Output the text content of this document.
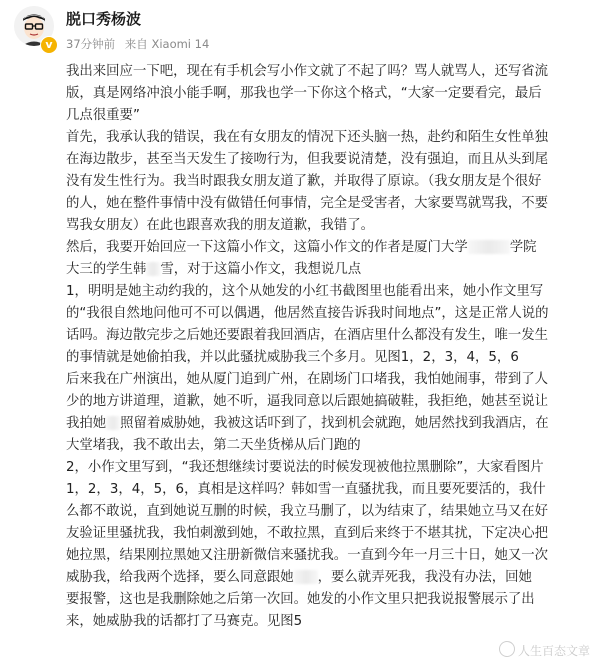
v
脱口秀杨波
37分钟前 来自 Xiaomi 14
我出来回应一下吧，现在有手机会写小作文就了不起了吗？骂人就骂人，还写省流
版，真是网络冲浪小能手啊，那我也学一下你这个格式，“大家一定要看完，最后
几点很重要”
首先，我承认我的错误，我在有女朋友的情况下还头脑一热，赴约和陌生女性单独
在海边散步，甚至当天发生了接吻行为，但我要说清楚，没有强迫，而且从头到尾
没有发生性行为。我当时跟我女朋友道了歉，并取得了原谅。（我女朋友是个很好
的人，她在整件事情中没有做错任何事情，完全是受害者，大家要骂就骂我，不要
骂我女朋友）在此也跟喜欢我的朋友道歉，我错了。
然后，我要开始回应一下这篇小作文，这篇小作文的作者是厦门大学	学院
大三的学生韩 雪，对于这篇小作文，我想说几点
1，明明是她主动约我的，这个从她发的小红书截图里也能看出来，她小作文里写
的“我很自然地问他可不可以偶遇，他居然直接告诉我时间地点”，这是正常人说的
话吗。海边散完步之后她还要跟着我回酒店，在酒店里什么都没有发生，唯一发生
的事情就是她偷拍我，并以此骚扰威胁我三个多月。见图1，2，3，4，5，6
后来我在广州演出，她从厦门追到广州，在剧场门口堵我，我怕她闹事，带到了人
少的地方讲道理，道歉，她不听，逼我同意以后跟她搞破鞋，我拒绝，她甚至说让
我拍她 照留着威胁她，我被这话吓到了，找到机会就跑，她居然找到我酒店，在
大堂堵我，我不敢出去，第二天坐货梯从后门跑的
2，小作文里写到，“我还想继续讨要说法的时候发现被他拉黑删除”，大家看图片
1，2，3，4，5，6，真相是这样吗？韩如雪一直骚扰我，而且要死要活的，我什
么都不敢说，直到她说互删的时候，我立马删了，以为结束了，结果她立马又在好
友验证里骚扰我，我怕刺激到她，不敢拉黑，直到后来终于不堪其扰，下定决心把
她拉黑，结果刚拉黑她又注册新微信来骚扰我。一直到今年一月三十日，她又一次
威胁我，给我两个选择，要么同意跟她 ，要么就弄死我，我没有办法，回她
要报警，这也是我删除她之后第一次回。她发的小作文里只把我说报警展示了出
来，她威胁我的话都打了马赛克。见图5
人生百态文章
